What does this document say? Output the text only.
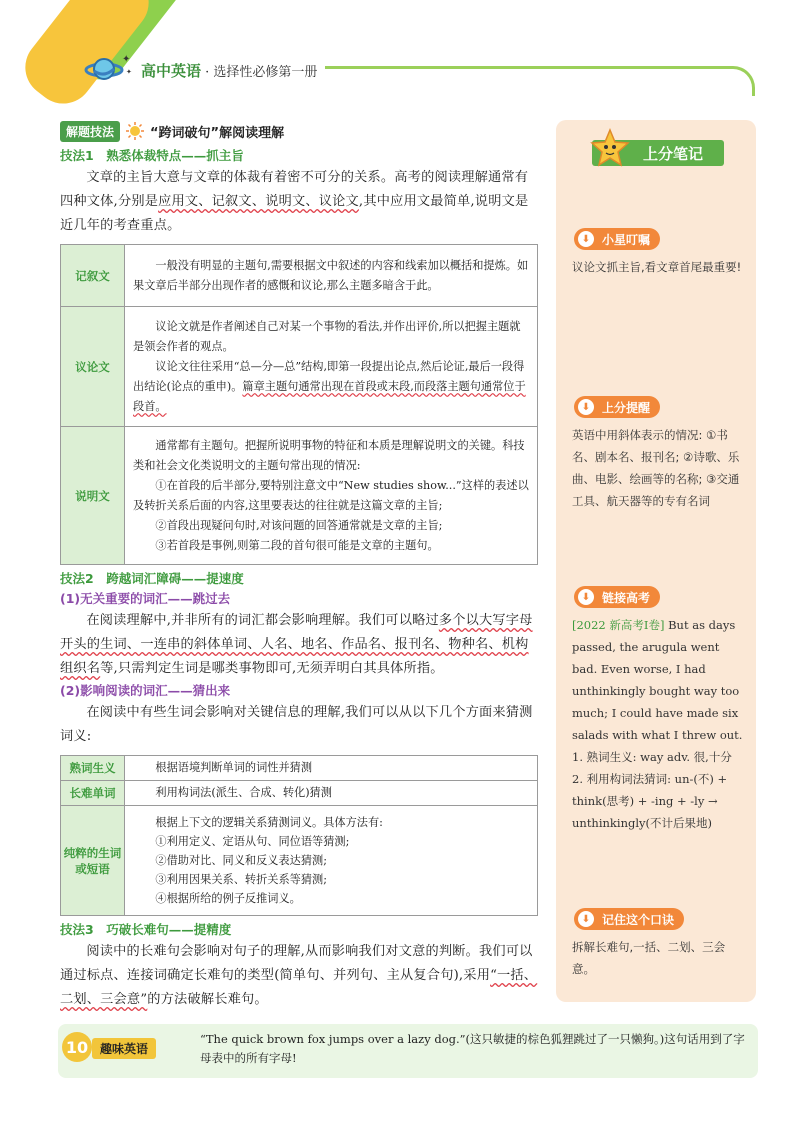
✦
✦ 高中英语 · 选择性必修第一册
解题技法	“跨词破句”解阅读理解
技法1　熟悉体裁特点——抓主旨

文章的主旨大意与文章的体裁有着密不可分的关系。高考的阅读理解通常有四种文体,分别是应用文、记叙文、说明文、议论文,其中应用文最简单,说明文是近几年的考查重点。

记叙文	一般没有明显的主题句,需要根据文中叙述的内容和线索加以概括和提炼。如果文章后半部分出现作者的感慨和议论,那么主题多暗含于此。

议论文	议论文就是作者阐述自己对某一个事物的看法,并作出评价,所以把握主题就是领会作者的观点。

议论文往往采用“总—分—总”结构,即第一段提出论点,然后论证,最后一段得出结论(论点的重申)。篇章主题句通常出现在首段或末段,而段落主题句通常位于段首。

说明文	通常都有主题句。把握所说明事物的特征和本质是理解说明文的关键。科技类和社会文化类说明文的主题句常出现的情况:

①在首段的后半部分,要特别注意文中“New studies show...”这样的表述以及转折关系后面的内容,这里要表达的往往就是这篇文章的主旨;

②首段出现疑问句时,对该问题的回答通常就是文章的主旨;

③若首段是事例,则第二段的首句很可能是文章的主题句。

技法2　跨越词汇障碍——提速度
(1)无关重要的词汇——跳过去

在阅读理解中,并非所有的词汇都会影响理解。我们可以略过多个以大写字母开头的生词、一连串的斜体单词、人名、地名、作品名、报刊名、物种名、机构组织名等,只需判定生词是哪类事物即可,无须弄明白其具体所指。

(2)影响阅读的词汇——猜出来

在阅读中有些生词会影响对关键信息的理解,我们可以从以下几个方面来猜测词义:

熟词生义	根据语境判断单词的词性并猜测

长难单词	利用构词法(派生、合成、转化)猜测

纯粹的生词或短语	根据上下文的逻辑关系猜测词义。具体方法有:

①利用定义、定语从句、同位语等猜测;

②借助对比、同义和反义表达猜测;

③利用因果关系、转折关系等猜测;

④根据所给的例子反推词义。

技法3　巧破长难句——提精度

阅读中的长难句会影响对句子的理解,从而影响我们对文意的判断。我们可以通过标点、连接词确定长难句的类型(简单句、并列句、主从复合句),采用“一括、二划、三会意”的方法破解长难句。

上分笔记
⬇ 小星叮嘱
议论文抓主旨,看文章首尾最重要!
⬇ 上分提醒
英语中用斜体表示的情况: ①书名、剧本名、报刊名; ②诗歌、乐曲、电影、绘画等的名称; ③交通工具、航天器等的专有名词
⬇ 链接高考
[2022 新高考Ⅰ卷] But as days passed, the arugula went bad. Even worse, I had unthinkingly bought way too much; I could have made six salads with what I threw out.
1. 熟词生义: way adv. 很,十分
2. 利用构词法猜词: un-(不) + think(思考) + -ing + -ly → unthinkingly(不计后果地)
⬇ 记住这个口诀
拆解长难句,一括、二划、三会意。
10 趣味英语
“The quick brown fox jumps over a lazy dog.”(这只敏捷的棕色狐狸跳过了一只懒狗。)这句话用到了字母表中的所有字母!
